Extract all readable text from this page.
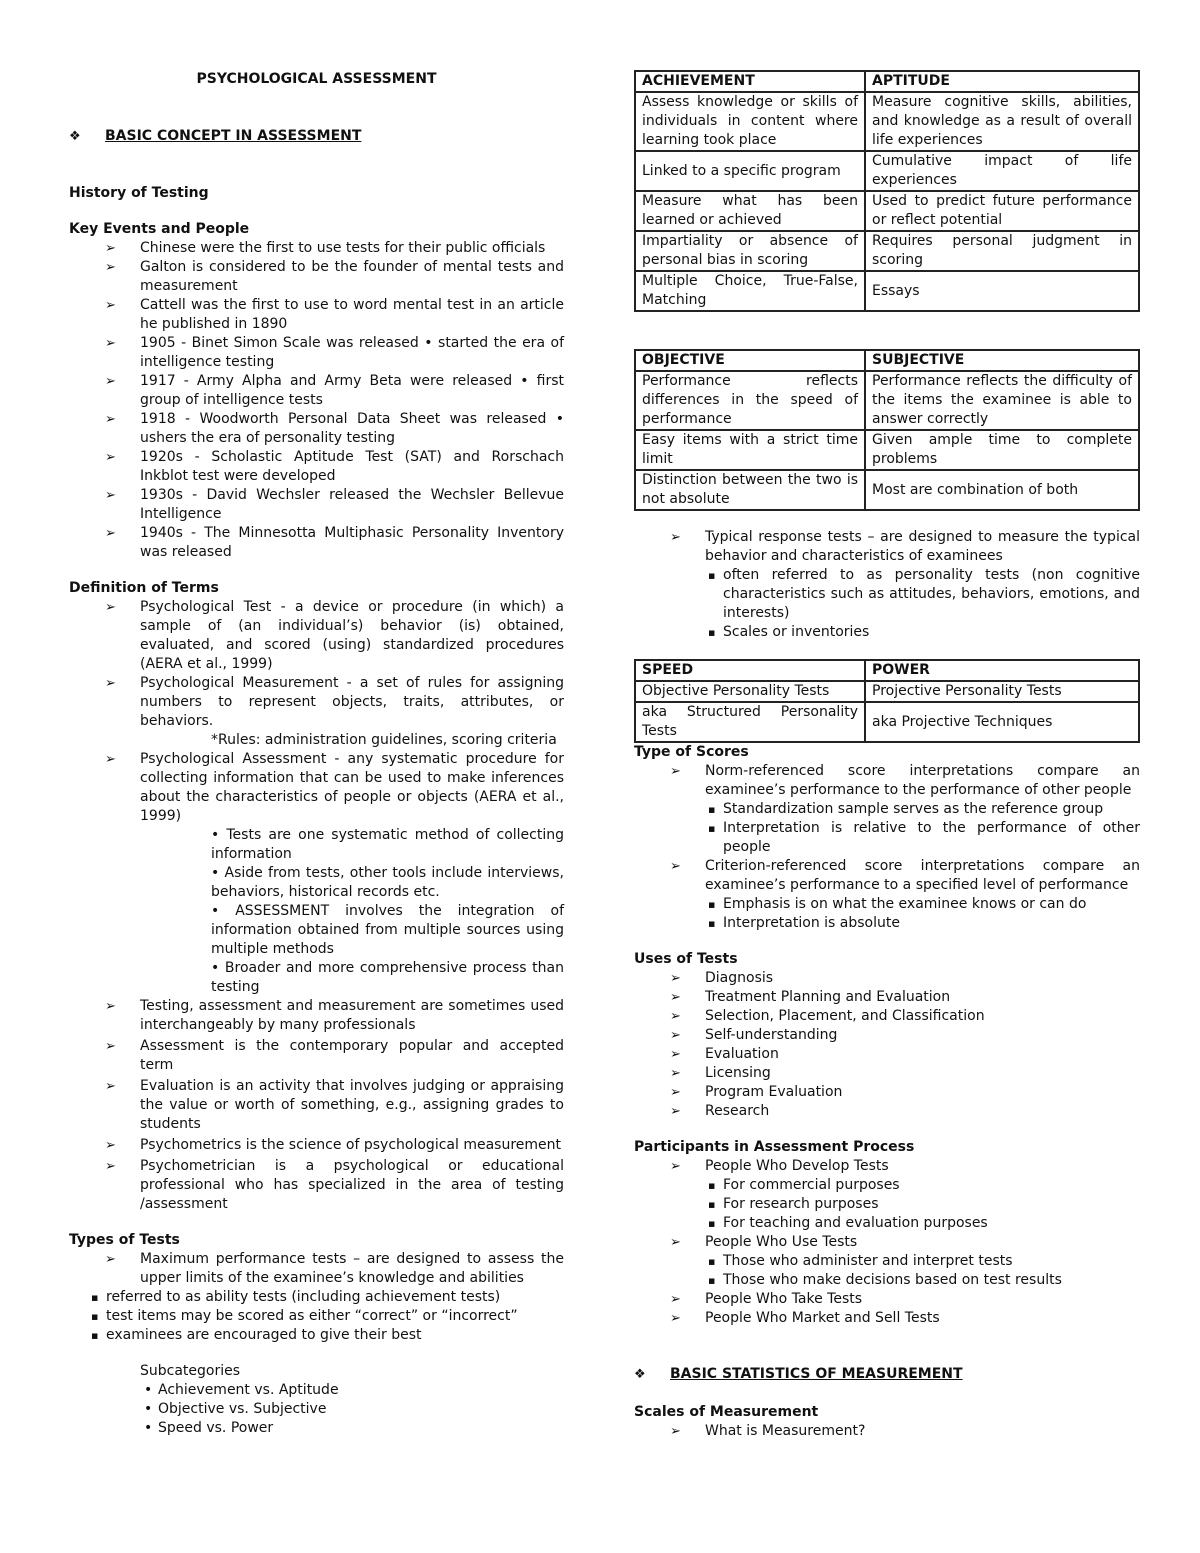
PSYCHOLOGICAL ASSESSMENT
❖	BASIC CONCEPT IN ASSESSMENT
History of Testing
Key Events and People
➢ Chinese were the first to use tests for their public officials
➢ Galton is considered to be the founder of mental tests and measurement
➢ Cattell was the first to use to word mental test in an article he published in 1890
➢ 1905 - Binet Simon Scale was released • started the era of intelligence testing
➢ 1917 - Army Alpha and Army Beta were released • first group of intelligence tests
➢ 1918 - Woodworth Personal Data Sheet was released • ushers the era of personality testing
➢ 1920s - Scholastic Aptitude Test (SAT) and Rorschach Inkblot test were developed
➢ 1930s - David Wechsler released the Wechsler Bellevue Intelligence
➢ 1940s - The Minnesotta Multiphasic Personality Inventory was released
Definition of Terms
➢ Psychological Test - a device or procedure (in which) a sample of (an individual’s) behavior (is) obtained, evaluated, and scored (using) standardized procedures (AERA et al., 1999)
➢ Psychological Measurement - a set of rules for assigning numbers to represent objects, traits, attributes, or behaviors.
*Rules: administration guidelines, scoring criteria
➢ Psychological Assessment - any systematic procedure for collecting information that can be used to make inferences about the characteristics of people or objects (AERA et al., 1999)
• Tests are one systematic method of collecting information
• Aside from tests, other tools include interviews, behaviors, historical records etc.
• ASSESSMENT involves the integration of information obtained from multiple sources using multiple methods
• Broader and more comprehensive process than testing
➢ Testing, assessment and measurement are sometimes used interchangeably by many professionals
➢ Assessment is the contemporary popular and accepted term
➢ Evaluation is an activity that involves judging or appraising the value or worth of something, e.g., assigning grades to students
➢ Psychometrics is the science of psychological measurement
➢ Psychometrician is a psychological or educational professional who has specialized in the area of testing /assessment
Types of Tests
➢ Maximum performance tests – are designed to assess the upper limits of the examinee’s knowledge and abilities
▪ referred to as ability tests (including achievement tests)
▪ test items may be scored as either “correct” or “incorrect”
▪ examinees are encouraged to give their best
Subcategories
• Achievement vs. Aptitude
• Objective vs. Subjective
• Speed vs. Power
ACHIEVEMENT	APTITUDE
Assess knowledge or skills of individuals in content where learning took place	Measure cognitive skills, abilities, and knowledge as a result of overall life experiences
Linked to a specific program	Cumulative impact of life experiences
Measure what has been learned or achieved	Used to predict future performance or reflect potential
Impartiality or absence of personal bias in scoring	Requires personal judgment in scoring
Multiple Choice, True-False, Matching	Essays
OBJECTIVE	SUBJECTIVE
Performance reflects differences in the speed of performance	Performance reflects the difficulty of the items the examinee is able to answer correctly
Easy items with a strict time limit	Given ample time to complete problems
Distinction between the two is not absolute	Most are combination of both
➢ Typical response tests – are designed to measure the typical behavior and characteristics of examinees
▪ often referred to as personality tests (non cognitive characteristics such as attitudes, behaviors, emotions, and interests)
▪ Scales or inventories
SPEED	POWER
Objective Personality Tests	Projective Personality Tests
aka Structured Personality Tests	aka Projective Techniques
Type of Scores
➢ Norm-referenced score interpretations compare an examinee’s performance to the performance of other people
▪ Standardization sample serves as the reference group
▪ Interpretation is relative to the performance of other people
➢ Criterion-referenced score interpretations compare an examinee’s performance to a specified level of performance
▪ Emphasis is on what the examinee knows or can do
▪ Interpretation is absolute
Uses of Tests
➢ Diagnosis
➢ Treatment Planning and Evaluation
➢ Selection, Placement, and Classification
➢ Self-understanding
➢ Evaluation
➢ Licensing
➢ Program Evaluation
➢ Research
Participants in Assessment Process
➢ People Who Develop Tests
▪ For commercial purposes
▪ For research purposes
▪ For teaching and evaluation purposes
➢ People Who Use Tests
▪ Those who administer and interpret tests
▪ Those who make decisions based on test results
➢ People Who Take Tests
➢ People Who Market and Sell Tests
❖	BASIC STATISTICS OF MEASUREMENT
Scales of Measurement
➢ What is Measurement?
